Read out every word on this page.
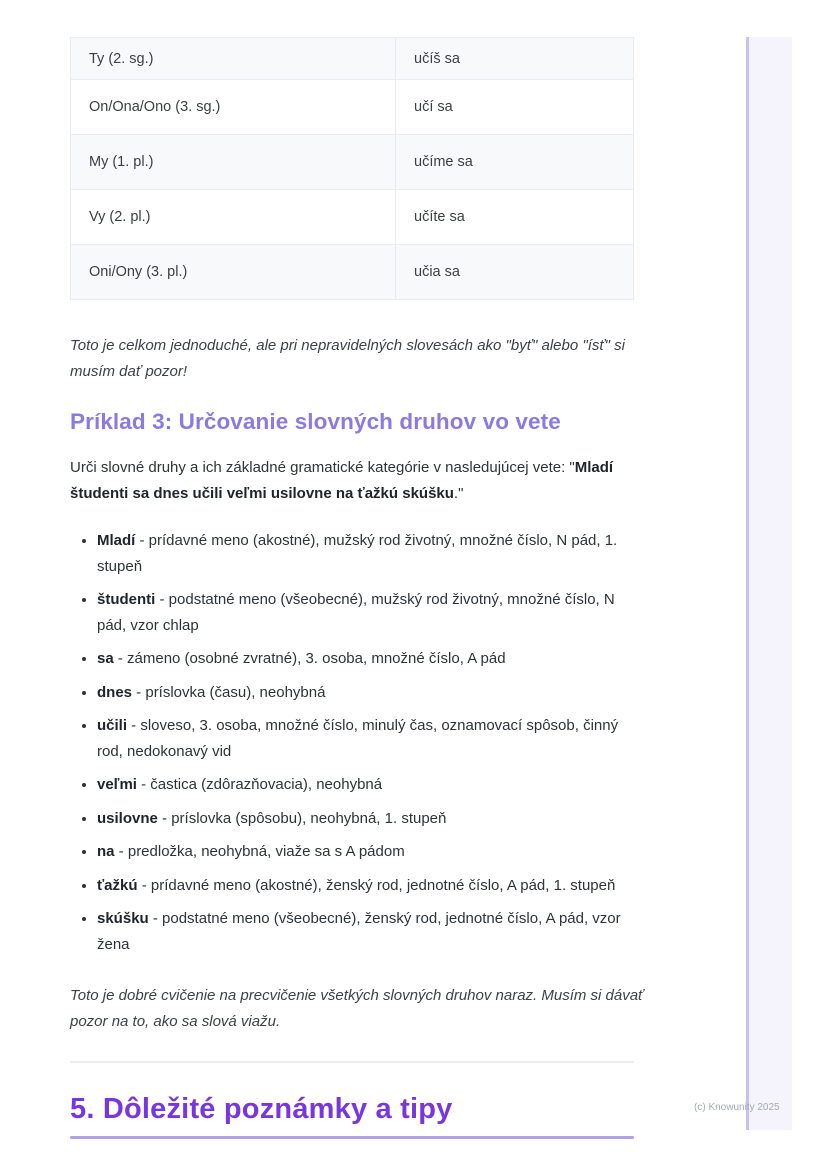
Ty (2. sg.)	učíš sa
On/Ona/Ono (3. sg.)	učí sa
My (1. pl.)	učíme sa
Vy (2. pl.)	učíte sa
Oni/Ony (3. pl.)	učia sa
Toto je celkom jednoduché, ale pri nepravidelných slovesách ako "byť" alebo "ísť" si musím dať pozor!
Príklad 3: Určovanie slovných druhov vo vete

Urči slovné druhy a ich základné gramatické kategórie v nasledujúcej vete: "Mladí študenti sa dnes učili veľmi usilovne na ťažkú skúšku."

• Mladí - prídavné meno (akostné), mužský rod životný, množné číslo, N pád, 1. stupeň
• študenti - podstatné meno (všeobecné), mužský rod životný, množné číslo, N pád, vzor chlap
• sa - zámeno (osobné zvratné), 3. osoba, množné číslo, A pád
• dnes - príslovka (času), neohybná
• učili - sloveso, 3. osoba, množné číslo, minulý čas, oznamovací spôsob, činný rod, nedokonavý vid
• veľmi - častica (zdôrazňovacia), neohybná
• usilovne - príslovka (spôsobu), neohybná, 1. stupeň
• na - predložka, neohybná, viaže sa s A pádom
• ťažkú - prídavné meno (akostné), ženský rod, jednotné číslo, A pád, 1. stupeň
• skúšku - podstatné meno (všeobecné), ženský rod, jednotné číslo, A pád, vzor žena
Toto je dobré cvičenie na precvičenie všetkých slovných druhov naraz. Musím si dávať pozor na to, ako sa slová viažu.
5. Dôležité poznámky a tipy	(c) Knowunity 2025
